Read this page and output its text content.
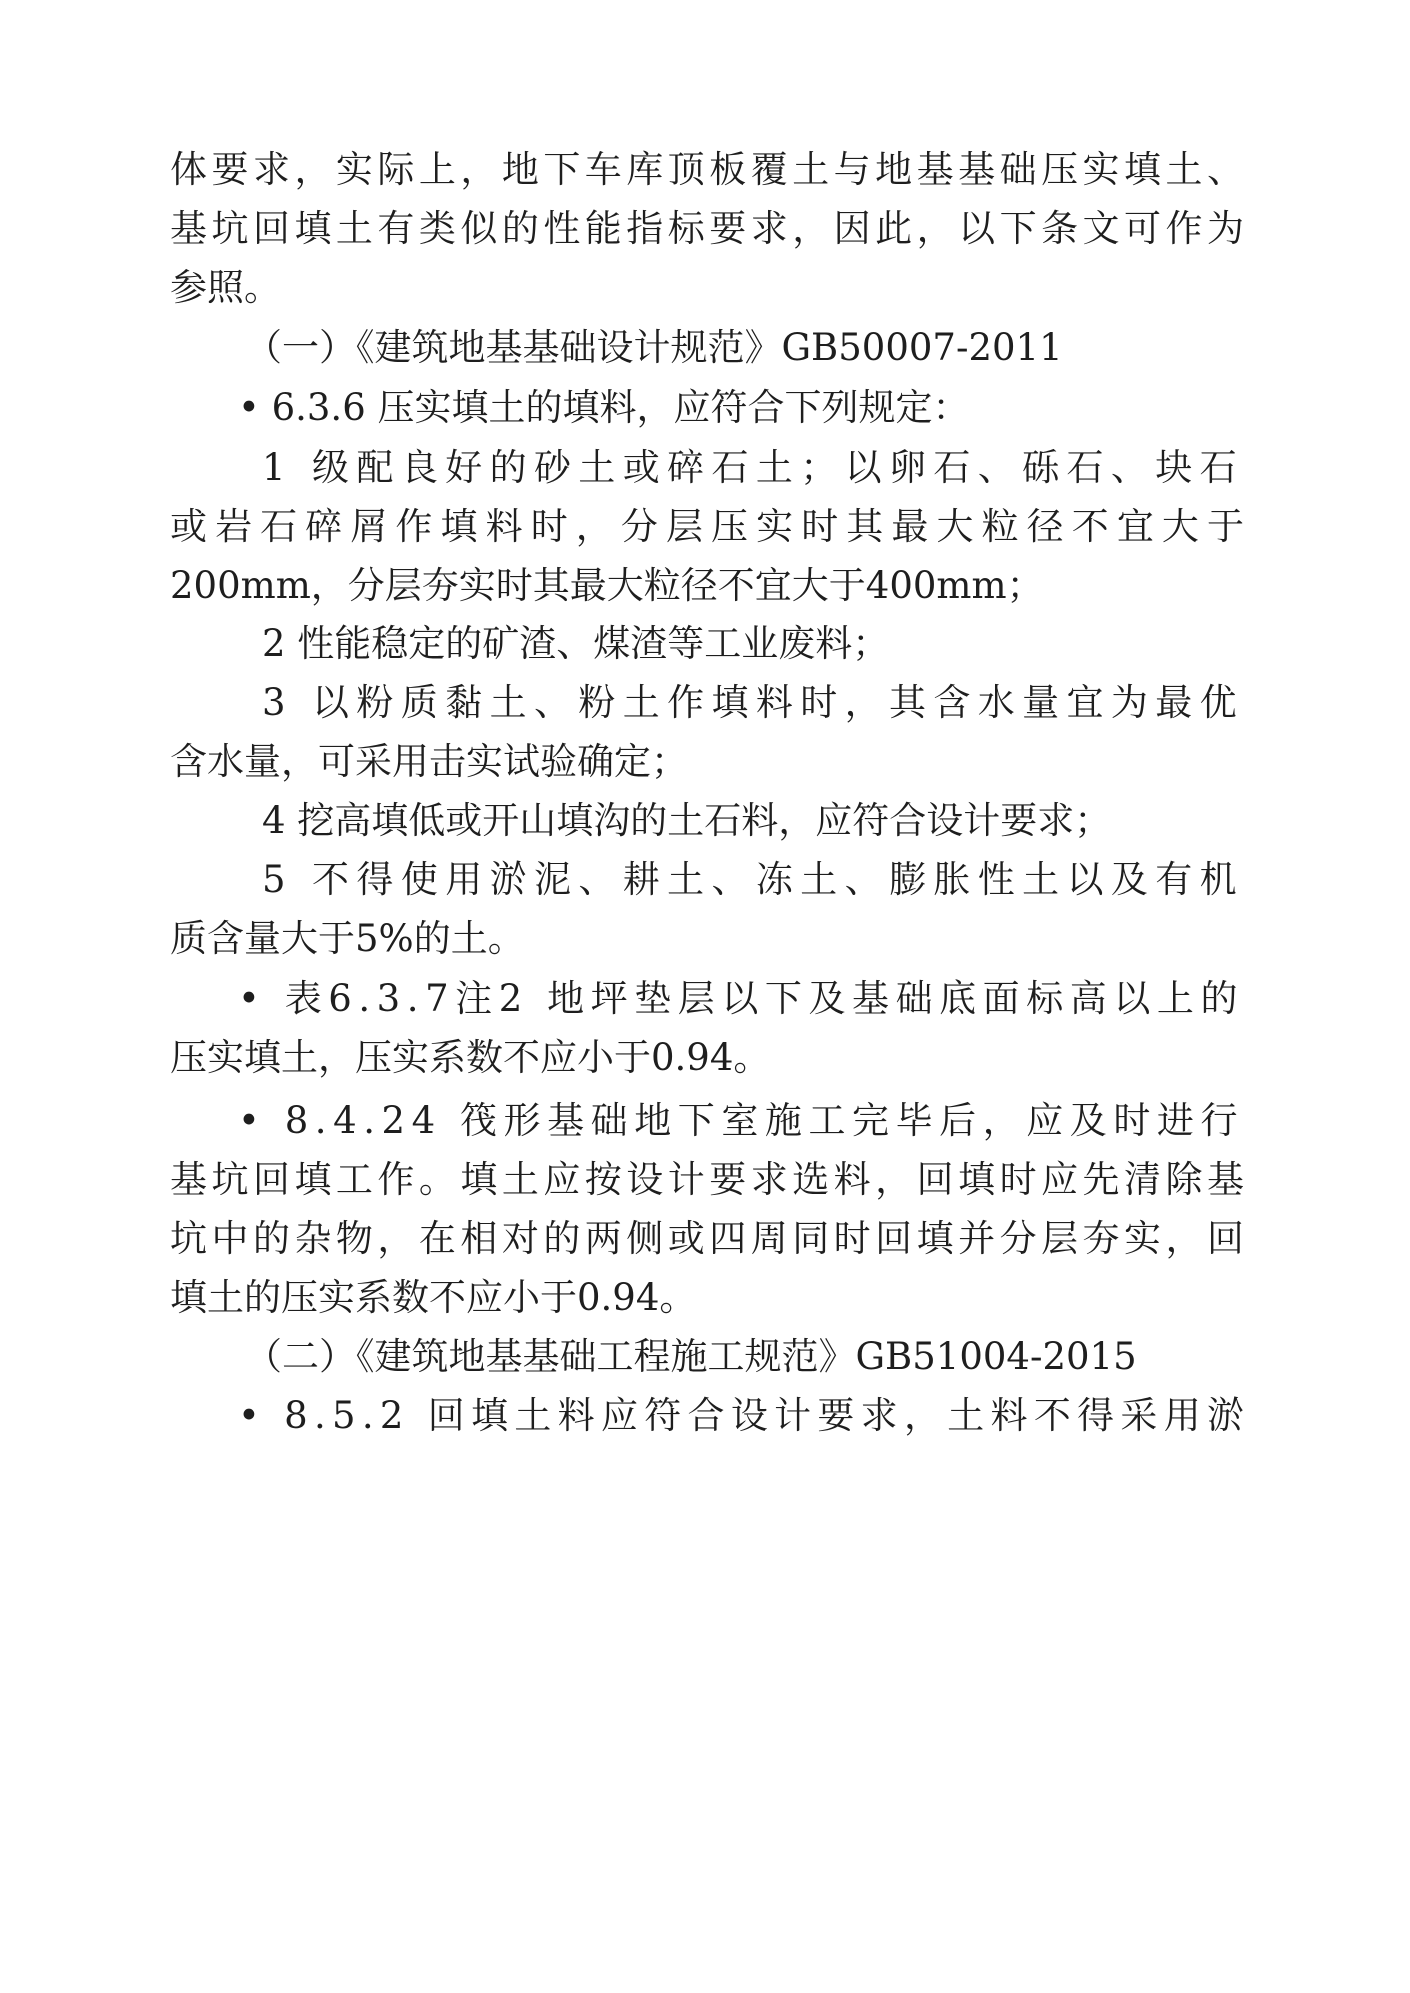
体要求，实际上，地下车库顶板覆土与地基基础压实填土、
基坑回填土有类似的性能指标要求，因此，以下条文可作为
参照。
（一）《建筑地基基础设计规范》GB50007-2011
• 6.3.6 压实填土的填料，应符合下列规定：
1 级配良好的砂土或碎石土；以卵石、砾石、块石
或岩石碎屑作填料时，分层压实时其最大粒径不宜大于
200mm，分层夯实时其最大粒径不宜大于400mm；
2 性能稳定的矿渣、煤渣等工业废料；
3 以粉质黏土、粉土作填料时，其含水量宜为最优
含水量，可采用击实试验确定；
4 挖高填低或开山填沟的土石料，应符合设计要求；
5 不得使用淤泥、耕土、冻土、膨胀性土以及有机
质含量大于5%的土。
• 表6.3.7注2 地坪垫层以下及基础底面标高以上的
压实填土，压实系数不应小于0.94。
• 8.4.24 筏形基础地下室施工完毕后，应及时进行
基坑回填工作。填土应按设计要求选料，回填时应先清除基
坑中的杂物，在相对的两侧或四周同时回填并分层夯实，回
填土的压实系数不应小于0.94。
（二）《建筑地基基础工程施工规范》GB51004-2015
• 8.5.2 回填土料应符合设计要求，土料不得采用淤
